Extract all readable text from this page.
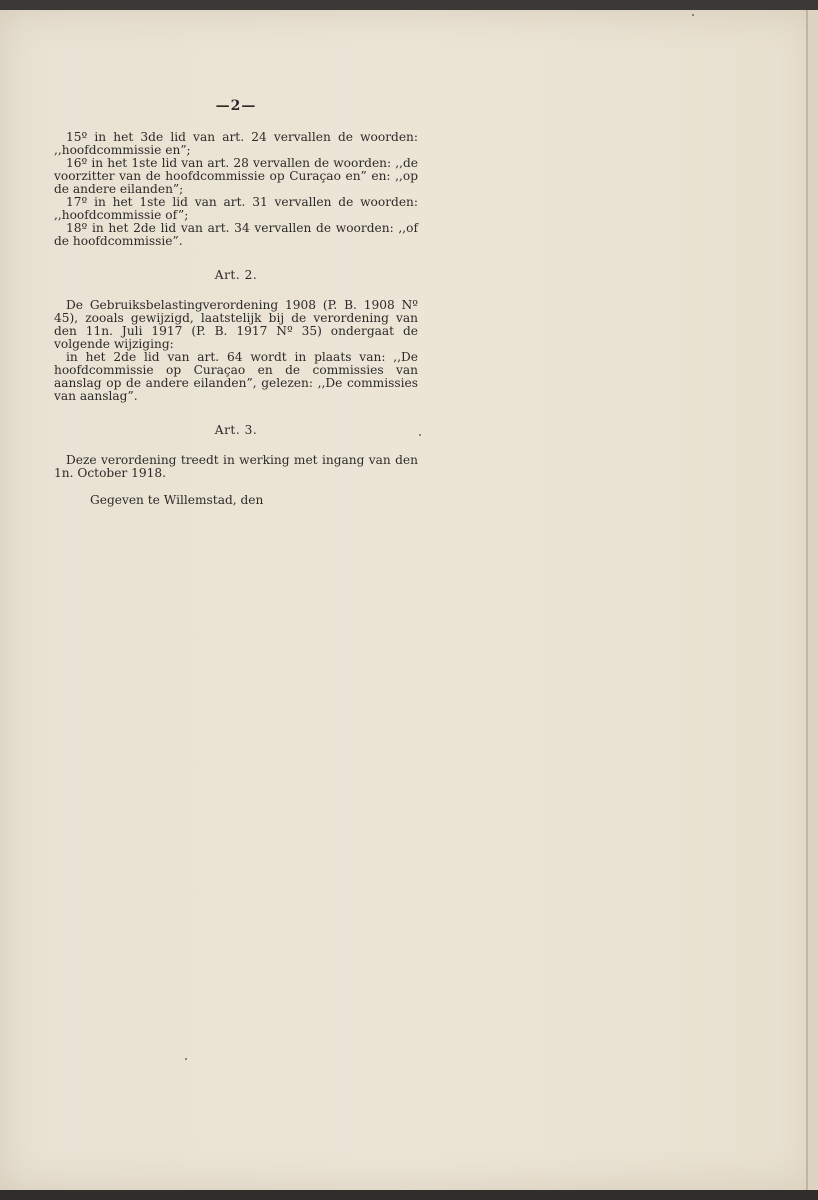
—2—

15º in het 3de lid van art. 24 vervallen de woorden: ,,hoofdcommissie en”;

16º in het 1ste lid van art. 28 vervallen de woorden: ,,de voorzitter van de hoofdcommissie op Curaçao en” en: ,,op de andere eilanden”;

17º in het 1ste lid van art. 31 vervallen de woorden: ,,hoofdcommissie of”;

18º in het 2de lid van art. 34 vervallen de woorden: ,,of de hoofdcommissie”.

Art. 2.

De Gebruiksbelastingverordening 1908 (P. B. 1908 Nº 45), zooals gewijzigd, laatstelijk bij de verordening van den 11n. Juli 1917 (P. B. 1917 Nº 35) ondergaat de volgende wijziging:

in het 2de lid van art. 64 wordt in plaats van: ,,De hoofdcommissie op Curaçao en de commissies van aanslag op de andere eilanden”, gelezen: ,,De commissies van aanslag”.

Art. 3.

Deze verordening treedt in werking met ingang van den 1n. October 1918.

Gegeven te Willemstad, den
